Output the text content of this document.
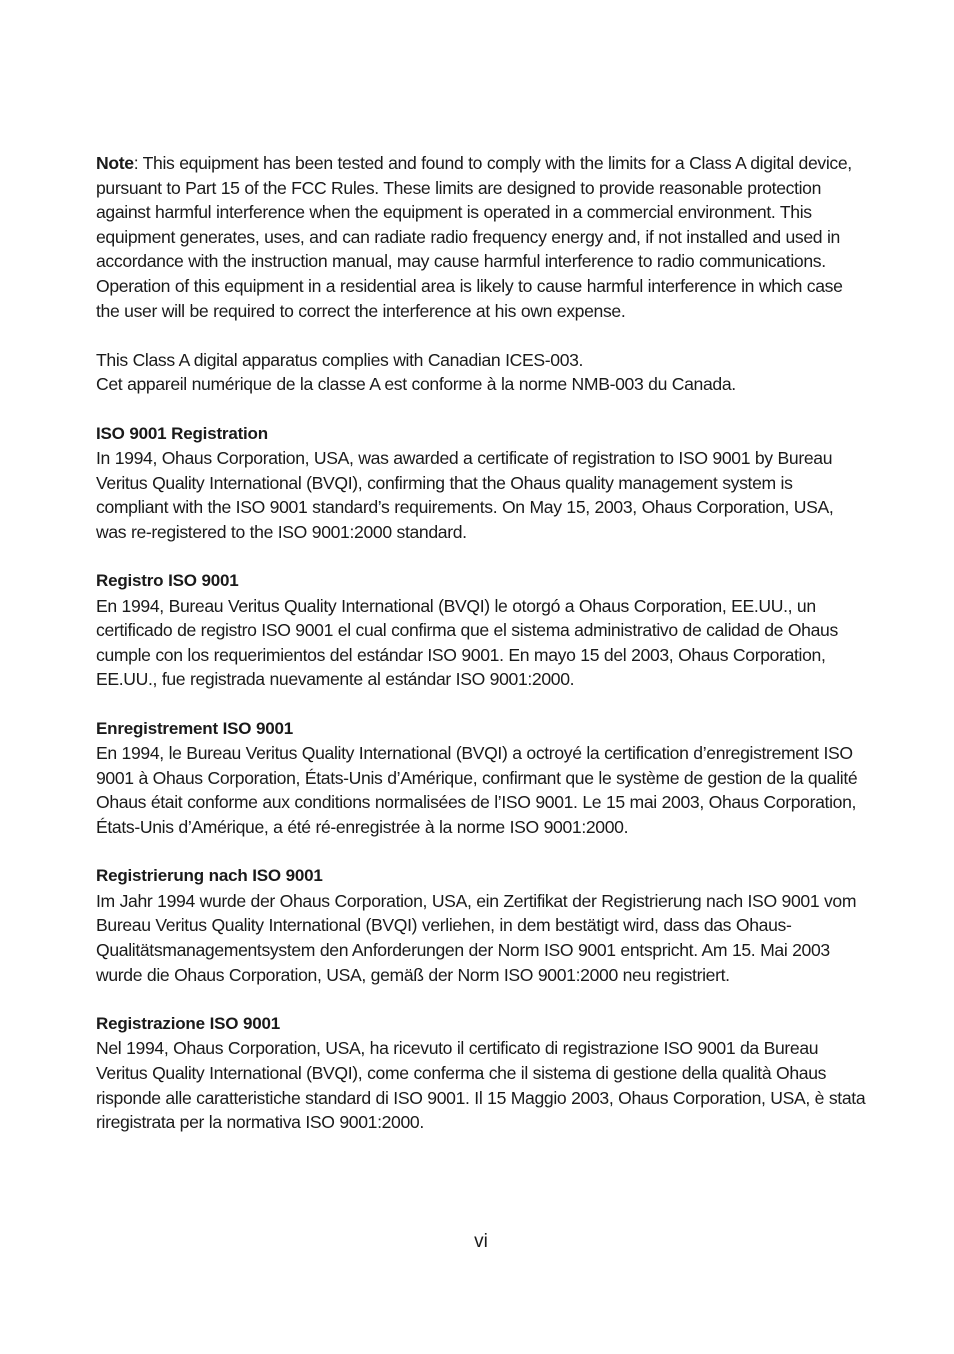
Note: This equipment has been tested and found to comply with the limits for a Class A digital device, pursuant to Part 15 of the FCC Rules. These limits are designed to provide reasonable protection against harmful interference when the equipment is operated in a commercial environment. This equipment generates, uses, and can radiate radio frequency energy and, if not installed and used in accordance with the instruction manual, may cause harmful interference to radio communications. Operation of this equipment in a residential area is likely to cause harmful interference in which case the user will be required to correct the interference at his own expense.

This Class A digital apparatus complies with Canadian ICES-003.

Cet appareil numérique de la classe A est conforme à la norme NMB-003 du Canada.

ISO 9001 Registration

In 1994, Ohaus Corporation, USA, was awarded a certificate of registration to ISO 9001 by Bureau Veritus Quality International (BVQI), confirming that the Ohaus quality management system is compliant with the ISO 9001 standard’s requirements. On May 15, 2003, Ohaus Corporation, USA, was re-registered to the ISO 9001:2000 standard.

Registro ISO 9001

En 1994, Bureau Veritus Quality International (BVQI) le otorgó a Ohaus Corporation, EE.UU., un certificado de registro ISO 9001 el cual confirma que el sistema administrativo de calidad de Ohaus cumple con los requerimientos del estándar ISO 9001. En mayo 15 del 2003, Ohaus Corporation, EE.UU., fue registrada nuevamente al estándar ISO 9001:2000.

Enregistrement ISO 9001

En 1994, le Bureau Veritus Quality International (BVQI) a octroyé la certification d’enregistrement ISO 9001 à Ohaus Corporation, États-Unis d’Amérique, confirmant que le système de gestion de la qualité Ohaus était conforme aux conditions normalisées de l’ISO 9001. Le 15 mai 2003, Ohaus Corporation, États-Unis d’Amérique, a été ré-enregistrée à la norme ISO 9001:2000.

Registrierung nach ISO 9001

Im Jahr 1994 wurde der Ohaus Corporation, USA, ein Zertifikat der Registrierung nach ISO 9001 vom Bureau Veritus Quality International (BVQI) verliehen, in dem bestätigt wird, dass das Ohaus-Qualitätsmanagementsystem den Anforderungen der Norm ISO 9001 entspricht. Am 15. Mai 2003 wurde die Ohaus Corporation, USA, gemäß der Norm ISO 9001:2000 neu registriert.

Registrazione ISO 9001

Nel 1994, Ohaus Corporation, USA, ha ricevuto il certificato di registrazione ISO 9001 da Bureau Veritus Quality International (BVQI), come conferma che il sistema di gestione della qualità Ohaus risponde alle caratteristiche standard di ISO 9001. Il 15 Maggio 2003, Ohaus Corporation, USA, è stata riregistrata per la normativa ISO 9001:2000.

vi
